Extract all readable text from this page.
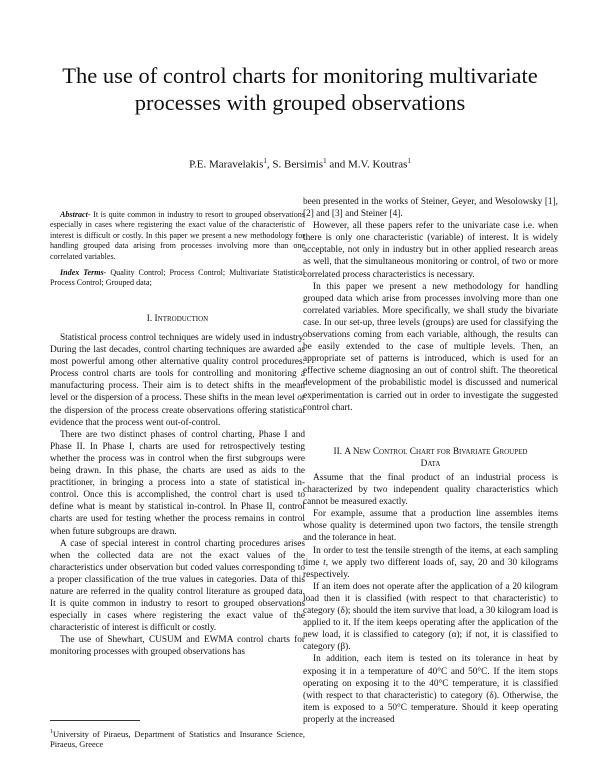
The use of control charts for monitoring multivariate processes with grouped observations
P.E. Maravelakis$^1$, S. Bersimis$^1$ and M.V. Koutras$^1$

Abstract- It is quite common in industry to resort to grouped observations especially in cases where registering the exact value of the characteristic of interest is difficult or costly. In this paper we present a new methodology for handling grouped data arising from processes involving more than one correlated variables.

Index Terms- Quality Control; Process Control; Multivariate Statistical Process Control; Grouped data;

I. Introduction

Statistical process control techniques are widely used in industry. During the last decades, control charting techniques are awarded as most powerful among other alternative quality control procedures. Process control charts are tools for controlling and monitoring a manufacturing process. Their aim is to detect shifts in the mean level or the dispersion of a process. These shifts in the mean level or the dispersion of the process create observations offering statistical evidence that the process went out-of-control.

There are two distinct phases of control charting, Phase I and Phase II. In Phase I, charts are used for retrospectively testing whether the process was in control when the first subgroups were being drawn. In this phase, the charts are used as aids to the practitioner, in bringing a process into a state of statistical in-control. Once this is accomplished, the control chart is used to define what is meant by statistical in-control. In Phase II, control charts are used for testing whether the process remains in control when future subgroups are drawn.

A case of special interest in control charting procedures arises when the collected data are not the exact values of the characteristics under observation but coded values corresponding to a proper classification of the true values in categories. Data of this nature are referred in the quality control literature as grouped data. It is quite common in industry to resort to grouped observations especially in cases where registering the exact value of the characteristic of interest is difficult or costly.

The use of Shewhart, CUSUM and EWMA control charts for monitoring processes with grouped observations has

been presented in the works of Steiner, Geyer, and Wesolowsky [1], [2] and [3] and Steiner [4].

However, all these papers refer to the univariate case i.e. when there is only one characteristic (variable) of interest. It is widely acceptable, not only in industry but in other applied research areas as well, that the simultaneous monitoring or control, of two or more correlated process characteristics is necessary.

In this paper we present a new methodology for handling grouped data which arise from processes involving more than one correlated variables. More specifically, we shall study the bivariate case. In our set-up, three levels (groups) are used for classifying the observations coming from each variable, although, the results can be easily extended to the case of multiple levels. Then, an appropriate set of patterns is introduced, which is used for an effective scheme diagnosing an out of control shift. The theoretical development of the probabilistic model is discussed and numerical experimentation is carried out in order to investigate the suggested control chart.

II. A New Control Chart for Bivariate Grouped
Data

Assume that the final product of an industrial process is characterized by two independent quality characteristics which cannot be measured exactly.

For example, assume that a production line assembles items whose quality is determined upon two factors, the tensile strength and the tolerance in heat.

In order to test the tensile strength of the items, at each sampling time t, we apply two different loads of, say, 20 and 30 kilograms respectively.

If an item does not operate after the application of a 20 kilogram load then it is classified (with respect to that characteristic) to category (δ); should the item survive that load, a 30 kilogram load is applied to it. If the item keeps operating after the application of the new load, it is classified to category (α); if not, it is classified to category (β).

In addition, each item is tested on its tolerance in heat by exposing it in a temperature of 40°C and 50°C. If the item stops operating on exposing it to the 40°C temperature, it is classified (with respect to that characteristic) to category (δ). Otherwise, the item is exposed to a 50°C temperature. Should it keep operating properly at the increased

$^1$University of Piraeus, Department of Statistics and Insurance Science, Piraeus, Greece
